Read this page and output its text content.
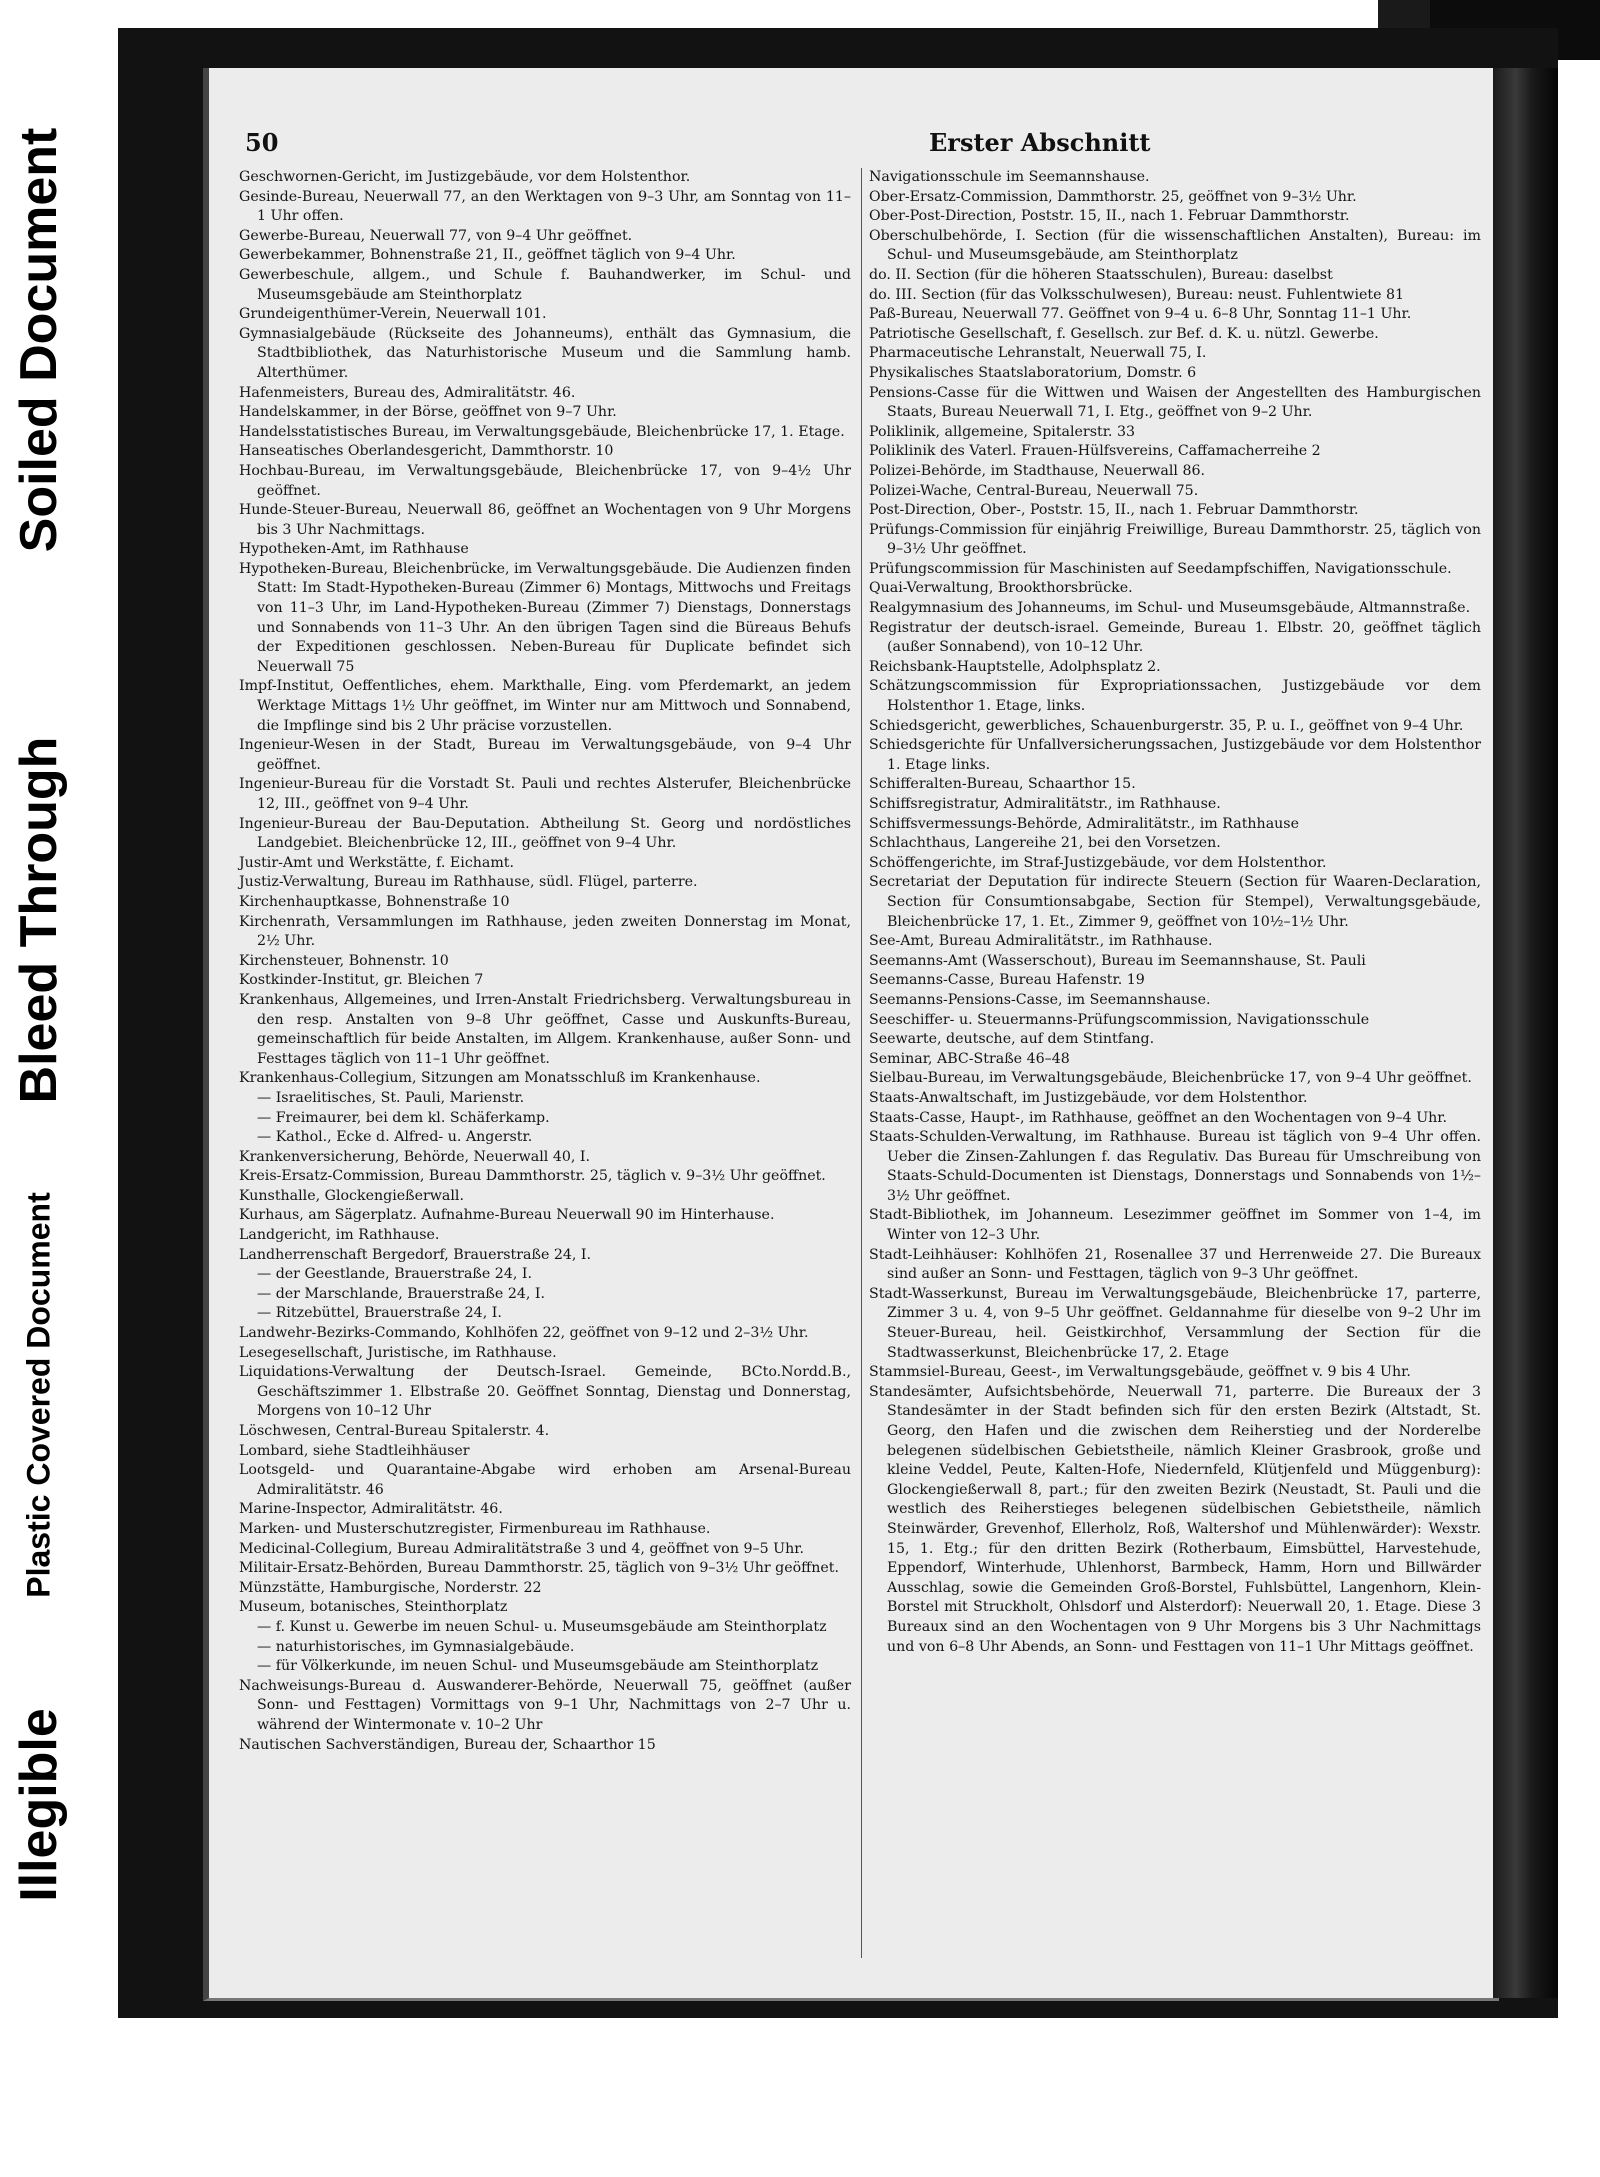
Illegible
Plastic Covered Document
Bleed Through
Soiled Document	50	Erster Abschnitt

Geschwornen-Gericht, im Justizgebäude, vor dem Holstenthor.

Gesinde-Bureau, Neuerwall 77, an den Werktagen von 9–3 Uhr, am Sonntag von 11–1 Uhr offen.

Gewerbe-Bureau, Neuerwall 77, von 9–4 Uhr geöffnet.

Gewerbekammer, Bohnenstraße 21, II., geöffnet täglich von 9–4 Uhr.

Gewerbeschule, allgem., und Schule f. Bauhandwerker, im Schul- und Museumsgebäude am Steinthorplatz

Grundeigenthümer-Verein, Neuerwall 101.

Gymnasialgebäude (Rückseite des Johanneums), enthält das Gymnasium, die Stadtbibliothek, das Naturhistorische Museum und die Sammlung hamb. Alterthümer.

Hafenmeisters, Bureau des, Admiralitätstr. 46.

Handelskammer, in der Börse, geöffnet von 9–7 Uhr.

Handelsstatistisches Bureau, im Verwaltungsgebäude, Bleichenbrücke 17, 1. Etage.

Hanseatisches Oberlandesgericht, Dammthorstr. 10

Hochbau-Bureau, im Verwaltungsgebäude, Bleichenbrücke 17, von 9–4½ Uhr geöffnet.

Hunde-Steuer-Bureau, Neuerwall 86, geöffnet an Wochentagen von 9 Uhr Morgens bis 3 Uhr Nachmittags.

Hypotheken-Amt, im Rathhause

Hypotheken-Bureau, Bleichenbrücke, im Verwaltungsgebäude. Die Audienzen finden Statt: Im Stadt-Hypotheken-Bureau (Zimmer 6) Montags, Mittwochs und Freitags von 11–3 Uhr, im Land-Hypotheken-Bureau (Zimmer 7) Dienstags, Donnerstags und Sonnabends von 11–3 Uhr. An den übrigen Tagen sind die Büreaus Behufs der Expeditionen geschlossen. Neben-Bureau für Duplicate befindet sich Neuerwall 75

Impf-Institut, Oeffentliches, ehem. Markthalle, Eing. vom Pferdemarkt, an jedem Werktage Mittags 1½ Uhr geöffnet, im Winter nur am Mittwoch und Sonnabend, die Impflinge sind bis 2 Uhr präcise vorzustellen.

Ingenieur-Wesen in der Stadt, Bureau im Verwaltungsgebäude, von 9–4 Uhr geöffnet.

Ingenieur-Bureau für die Vorstadt St. Pauli und rechtes Alsterufer, Bleichenbrücke 12, III., geöffnet von 9–4 Uhr.

Ingenieur-Bureau der Bau-Deputation. Abtheilung St. Georg und nordöstliches Landgebiet. Bleichenbrücke 12, III., geöffnet von 9–4 Uhr.

Justir-Amt und Werkstätte, f. Eichamt.

Justiz-Verwaltung, Bureau im Rathhause, südl. Flügel, parterre.

Kirchenhauptkasse, Bohnenstraße 10

Kirchenrath, Versammlungen im Rathhause, jeden zweiten Donnerstag im Monat, 2½ Uhr.

Kirchensteuer, Bohnenstr. 10

Kostkinder-Institut, gr. Bleichen 7

Krankenhaus, Allgemeines, und Irren-Anstalt Friedrichsberg. Verwaltungsbureau in den resp. Anstalten von 9–8 Uhr geöffnet, Casse und Auskunfts-Bureau, gemeinschaftlich für beide Anstalten, im Allgem. Krankenhause, außer Sonn- und Festtages täglich von 11–1 Uhr geöffnet.

Krankenhaus-Collegium, Sitzungen am Monatsschluß im Krankenhause.

— Israelitisches, St. Pauli, Marienstr.

— Freimaurer, bei dem kl. Schäferkamp.

— Kathol., Ecke d. Alfred- u. Angerstr.

Krankenversicherung, Behörde, Neuerwall 40, I.

Kreis-Ersatz-Commission, Bureau Dammthorstr. 25, täglich v. 9–3½ Uhr geöffnet.

Kunsthalle, Glockengießerwall.

Kurhaus, am Sägerplatz. Aufnahme-Bureau Neuerwall 90 im Hinterhause.

Landgericht, im Rathhause.

Landherrenschaft Bergedorf, Brauerstraße 24, I.

— der Geestlande, Brauerstraße 24, I.

— der Marschlande, Brauerstraße 24, I.

— Ritzebüttel, Brauerstraße 24, I.

Landwehr-Bezirks-Commando, Kohlhöfen 22, geöffnet von 9–12 und 2–3½ Uhr.

Lesegesellschaft, Juristische, im Rathhause.

Liquidations-Verwaltung der Deutsch-Israel. Gemeinde, BCto.Nordd.B., Geschäftszimmer 1. Elbstraße 20. Geöffnet Sonntag, Dienstag und Donnerstag, Morgens von 10–12 Uhr

Löschwesen, Central-Bureau Spitalerstr. 4.

Lombard, siehe Stadtleihhäuser

Lootsgeld- und Quarantaine-Abgabe wird erhoben am Arsenal-Bureau Admiralitätstr. 46

Marine-Inspector, Admiralitätstr. 46.

Marken- und Musterschutzregister, Firmenbureau im Rathhause.

Medicinal-Collegium, Bureau Admiralitätstraße 3 und 4, geöffnet von 9–5 Uhr.

Militair-Ersatz-Behörden, Bureau Dammthorstr. 25, täglich von 9–3½ Uhr geöffnet.

Münzstätte, Hamburgische, Norderstr. 22

Museum, botanisches, Steinthorplatz

— f. Kunst u. Gewerbe im neuen Schul- u. Museumsgebäude am Steinthorplatz

— naturhistorisches, im Gymnasialgebäude.

— für Völkerkunde, im neuen Schul- und Museumsgebäude am Steinthorplatz

Nachweisungs-Bureau d. Auswanderer-Behörde, Neuerwall 75, geöffnet (außer Sonn- und Festtagen) Vormittags von 9–1 Uhr, Nachmittags von 2–7 Uhr u. während der Wintermonate v. 10–2 Uhr

Nautischen Sachverständigen, Bureau der, Schaarthor 15

Navigationsschule im Seemannshause.

Ober-Ersatz-Commission, Dammthorstr. 25, geöffnet von 9–3½ Uhr.

Ober-Post-Direction, Poststr. 15, II., nach 1. Februar Dammthorstr.

Oberschulbehörde, I. Section (für die wissenschaftlichen Anstalten), Bureau: im Schul- und Museumsgebäude, am Steinthorplatz

do. II. Section (für die höheren Staatsschulen), Bureau: daselbst

do. III. Section (für das Volksschulwesen), Bureau: neust. Fuhlentwiete 81

Paß-Bureau, Neuerwall 77. Geöffnet von 9–4 u. 6–8 Uhr, Sonntag 11–1 Uhr.

Patriotische Gesellschaft, f. Gesellsch. zur Bef. d. K. u. nützl. Gewerbe.

Pharmaceutische Lehranstalt, Neuerwall 75, I.

Physikalisches Staatslaboratorium, Domstr. 6

Pensions-Casse für die Wittwen und Waisen der Angestellten des Hamburgischen Staats, Bureau Neuerwall 71, I. Etg., geöffnet von 9–2 Uhr.

Poliklinik, allgemeine, Spitalerstr. 33

Poliklinik des Vaterl. Frauen-Hülfsvereins, Caffamacherreihe 2

Polizei-Behörde, im Stadthause, Neuerwall 86.

Polizei-Wache, Central-Bureau, Neuerwall 75.

Post-Direction, Ober-, Poststr. 15, II., nach 1. Februar Dammthorstr.

Prüfungs-Commission für einjährig Freiwillige, Bureau Dammthorstr. 25, täglich von 9–3½ Uhr geöffnet.

Prüfungscommission für Maschinisten auf Seedampfschiffen, Navigationsschule.

Quai-Verwaltung, Brookthorsbrücke.

Realgymnasium des Johanneums, im Schul- und Museumsgebäude, Altmannstraße.

Registratur der deutsch-israel. Gemeinde, Bureau 1. Elbstr. 20, geöffnet täglich (außer Sonnabend), von 10–12 Uhr.

Reichsbank-Hauptstelle, Adolphsplatz 2.

Schätzungscommission für Expropriationssachen, Justizgebäude vor dem Holstenthor 1. Etage, links.

Schiedsgericht, gewerbliches, Schauenburgerstr. 35, P. u. I., geöffnet von 9–4 Uhr.

Schiedsgerichte für Unfallversicherungssachen, Justizgebäude vor dem Holstenthor 1. Etage links.

Schifferalten-Bureau, Schaarthor 15.

Schiffsregistratur, Admiralitätstr., im Rathhause.

Schiffsvermessungs-Behörde, Admiralitätstr., im Rathhause

Schlachthaus, Langereihe 21, bei den Vorsetzen.

Schöffengerichte, im Straf-Justizgebäude, vor dem Holstenthor.

Secretariat der Deputation für indirecte Steuern (Section für Waaren-Declaration, Section für Consumtionsabgabe, Section für Stempel), Verwaltungsgebäude, Bleichenbrücke 17, 1. Et., Zimmer 9, geöffnet von 10½–1½ Uhr.

See-Amt, Bureau Admiralitätstr., im Rathhause.

Seemanns-Amt (Wasserschout), Bureau im Seemannshause, St. Pauli

Seemanns-Casse, Bureau Hafenstr. 19

Seemanns-Pensions-Casse, im Seemannshause.

Seeschiffer- u. Steuermanns-Prüfungscommission, Navigationsschule

Seewarte, deutsche, auf dem Stintfang.

Seminar, ABC-Straße 46–48

Sielbau-Bureau, im Verwaltungsgebäude, Bleichenbrücke 17, von 9–4 Uhr geöffnet.

Staats-Anwaltschaft, im Justizgebäude, vor dem Holstenthor.

Staats-Casse, Haupt-, im Rathhause, geöffnet an den Wochentagen von 9–4 Uhr.

Staats-Schulden-Verwaltung, im Rathhause. Bureau ist täglich von 9–4 Uhr offen. Ueber die Zinsen-Zahlungen f. das Regulativ. Das Bureau für Umschreibung von Staats-Schuld-Documenten ist Dienstags, Donnerstags und Sonnabends von 1½–3½ Uhr geöffnet.

Stadt-Bibliothek, im Johanneum. Lesezimmer geöffnet im Sommer von 1–4, im Winter von 12–3 Uhr.

Stadt-Leihhäuser: Kohlhöfen 21, Rosenallee 37 und Herrenweide 27. Die Bureaux sind außer an Sonn- und Festtagen, täglich von 9–3 Uhr geöffnet.

Stadt-Wasserkunst, Bureau im Verwaltungsgebäude, Bleichenbrücke 17, parterre, Zimmer 3 u. 4, von 9–5 Uhr geöffnet. Geldannahme für dieselbe von 9–2 Uhr im Steuer-Bureau, heil. Geistkirchhof, Versammlung der Section für die Stadtwasserkunst, Bleichenbrücke 17, 2. Etage

Stammsiel-Bureau, Geest-, im Verwaltungsgebäude, geöffnet v. 9 bis 4 Uhr.

Standesämter, Aufsichtsbehörde, Neuerwall 71, parterre. Die Bureaux der 3 Standesämter in der Stadt befinden sich für den ersten Bezirk (Altstadt, St. Georg, den Hafen und die zwischen dem Reiherstieg und der Norderelbe belegenen südelbischen Gebietstheile, nämlich Kleiner Grasbrook, große und kleine Veddel, Peute, Kalten-Hofe, Niedernfeld, Klütjenfeld und Müggenburg): Glockengießerwall 8, part.; für den zweiten Bezirk (Neustadt, St. Pauli und die westlich des Reiherstieges belegenen südelbischen Gebietstheile, nämlich Steinwärder, Grevenhof, Ellerholz, Roß, Waltershof und Mühlenwärder): Wexstr. 15, 1. Etg.; für den dritten Bezirk (Rotherbaum, Eimsbüttel, Harvestehude, Eppendorf, Winterhude, Uhlenhorst, Barmbeck, Hamm, Horn und Billwärder Ausschlag, sowie die Gemeinden Groß-Borstel, Fuhlsbüttel, Langenhorn, Klein-Borstel mit Struckholt, Ohlsdorf und Alsterdorf): Neuerwall 20, 1. Etage. Diese 3 Bureaux sind an den Wochentagen von 9 Uhr Morgens bis 3 Uhr Nachmittags und von 6–8 Uhr Abends, an Sonn- und Festtagen von 11–1 Uhr Mittags geöffnet.
